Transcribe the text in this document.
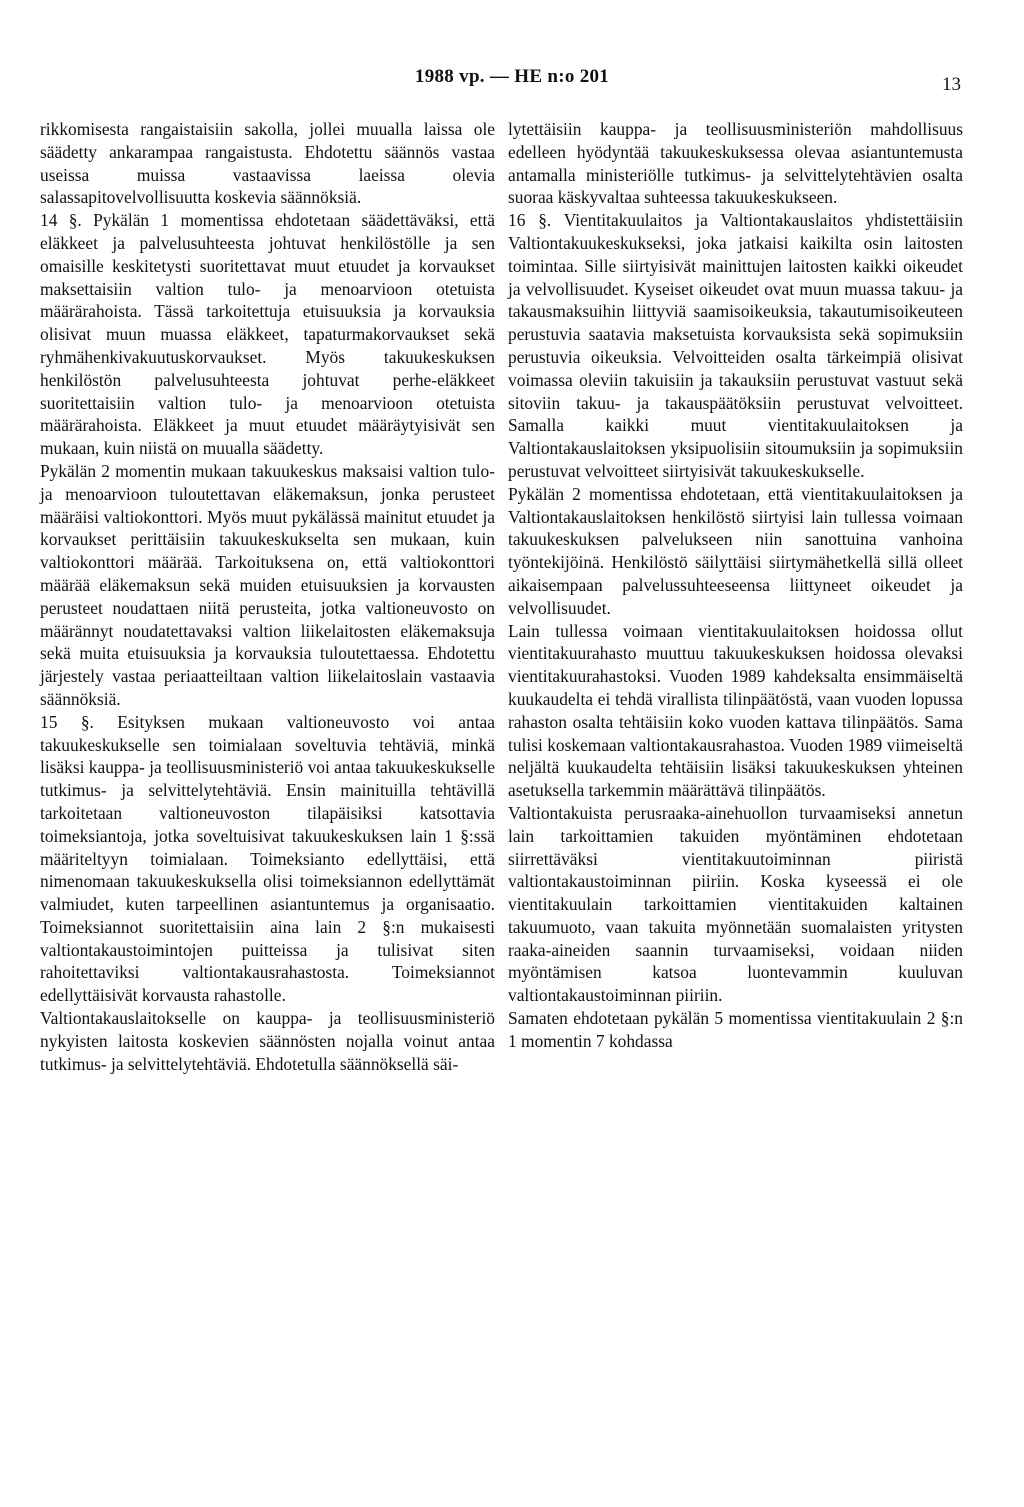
1988 vp. — HE n:o 201	13

rikkomisesta rangaistaisiin sakolla, jollei muualla laissa ole säädetty ankarampaa rangaistusta. Ehdotettu säännös vastaa useissa muissa vastaavissa laeissa olevia salassapitovelvollisuutta koskevia säännöksiä.

14 §. Pykälän 1 momentissa ehdotetaan säädettäväksi, että eläkkeet ja palvelusuhteesta johtuvat henkilöstölle ja sen omaisille keskitetysti suoritettavat muut etuudet ja korvaukset maksettaisiin valtion tulo- ja menoarvioon otetuista määrärahoista. Tässä tarkoitettuja etuisuuksia ja korvauksia olisivat muun muassa eläkkeet, tapaturmakorvaukset sekä ryhmähenkivakuutuskorvaukset. Myös takuukeskuksen henkilöstön palvelusuhteesta johtuvat perhe-eläkkeet suoritettaisiin valtion tulo- ja menoarvioon otetuista määrärahoista. Eläkkeet ja muut etuudet määräytyisivät sen mukaan, kuin niistä on muualla säädetty.

Pykälän 2 momentin mukaan takuukeskus maksaisi valtion tulo- ja menoarvioon tuloutettavan eläkemaksun, jonka perusteet määräisi valtiokonttori. Myös muut pykälässä mainitut etuudet ja korvaukset perittäisiin takuukeskukselta sen mukaan, kuin valtiokonttori määrää. Tarkoituksena on, että valtiokonttori määrää eläkemaksun sekä muiden etuisuuksien ja korvausten perusteet noudattaen niitä perusteita, jotka valtioneuvosto on määrännyt noudatettavaksi valtion liikelaitosten eläkemaksuja sekä muita etuisuuksia ja korvauksia tuloutettaessa. Ehdotettu järjestely vastaa periaatteiltaan valtion liikelaitoslain vastaavia säännöksiä.

15 §. Esityksen mukaan valtioneuvosto voi antaa takuukeskukselle sen toimialaan soveltuvia tehtäviä, minkä lisäksi kauppa- ja teollisuusministeriö voi antaa takuukeskukselle tutkimus- ja selvittelytehtäviä. Ensin mainituilla tehtävillä tarkoitetaan valtioneuvoston tilapäisiksi katsottavia toimeksiantoja, jotka soveltuisivat takuukeskuksen lain 1 §:ssä määriteltyyn toimialaan. Toimeksianto edellyttäisi, että nimenomaan takuukeskuksella olisi toimeksiannon edellyttämät valmiudet, kuten tarpeellinen asiantuntemus ja organisaatio. Toimeksiannot suoritettaisiin aina lain 2 §:n mukaisesti valtiontakaustoimintojen puitteissa ja tulisivat siten rahoitettaviksi valtiontakausrahastosta. Toimeksiannot edellyttäisivät korvausta rahastolle.

Valtiontakauslaitokselle on kauppa- ja teollisuusministeriö nykyisten laitosta koskevien säännösten nojalla voinut antaa tutkimus- ja selvittelytehtäviä. Ehdotetulla säännöksellä säi-

lytettäisiin kauppa- ja teollisuusministeriön mahdollisuus edelleen hyödyntää takuukeskuksessa olevaa asiantuntemusta antamalla ministeriölle tutkimus- ja selvittelytehtävien osalta suoraa käskyvaltaa suhteessa takuukeskukseen.

16 §. Vientitakuulaitos ja Valtiontakauslaitos yhdistettäisiin Valtiontakuukeskukseksi, joka jatkaisi kaikilta osin laitosten toimintaa. Sille siirtyisivät mainittujen laitosten kaikki oikeudet ja velvollisuudet. Kyseiset oikeudet ovat muun muassa takuu- ja takausmaksuihin liittyviä saamisoikeuksia, takautumisoikeuteen perustuvia saatavia maksetuista korvauksista sekä sopimuksiin perustuvia oikeuksia. Velvoitteiden osalta tärkeimpiä olisivat voimassa oleviin takuisiin ja takauksiin perustuvat vastuut sekä sitoviin takuu- ja takauspäätöksiin perustuvat velvoitteet. Samalla kaikki muut vientitakuulaitoksen ja Valtiontakauslaitoksen yksipuolisiin sitoumuksiin ja sopimuksiin perustuvat velvoitteet siirtyisivät takuukeskukselle.

Pykälän 2 momentissa ehdotetaan, että vientitakuulaitoksen ja Valtiontakauslaitoksen henkilöstö siirtyisi lain tullessa voimaan takuukeskuksen palvelukseen niin sanottuina vanhoina työntekijöinä. Henkilöstö säilyttäisi siirtymähetkellä sillä olleet aikaisempaan palvelussuhteeseensa liittyneet oikeudet ja velvollisuudet.

Lain tullessa voimaan vientitakuulaitoksen hoidossa ollut vientitakuurahasto muuttuu takuukeskuksen hoidossa olevaksi vientitakuurahastoksi. Vuoden 1989 kahdeksalta ensimmäiseltä kuukaudelta ei tehdä virallista tilinpäätöstä, vaan vuoden lopussa rahaston osalta tehtäisiin koko vuoden kattava tilinpäätös. Sama tulisi koskemaan valtiontakausrahastoa. Vuoden 1989 viimeiseltä neljältä kuukaudelta tehtäisiin lisäksi takuukeskuksen yhteinen asetuksella tarkemmin määrättävä tilinpäätös.

Valtiontakuista perusraaka-ainehuollon turvaamiseksi annetun lain tarkoittamien takuiden myöntäminen ehdotetaan siirrettäväksi vientitakuutoiminnan piiristä valtiontakaustoiminnan piiriin. Koska kyseessä ei ole vientitakuulain tarkoittamien vientitakuiden kaltainen takuumuoto, vaan takuita myönnetään suomalaisten yritysten raaka-aineiden saannin turvaamiseksi, voidaan niiden myöntämisen katsoa luontevammin kuuluvan valtiontakaustoiminnan piiriin.

Samaten ehdotetaan pykälän 5 momentissa vientitakuulain 2 §:n 1 momentin 7 kohdassa
